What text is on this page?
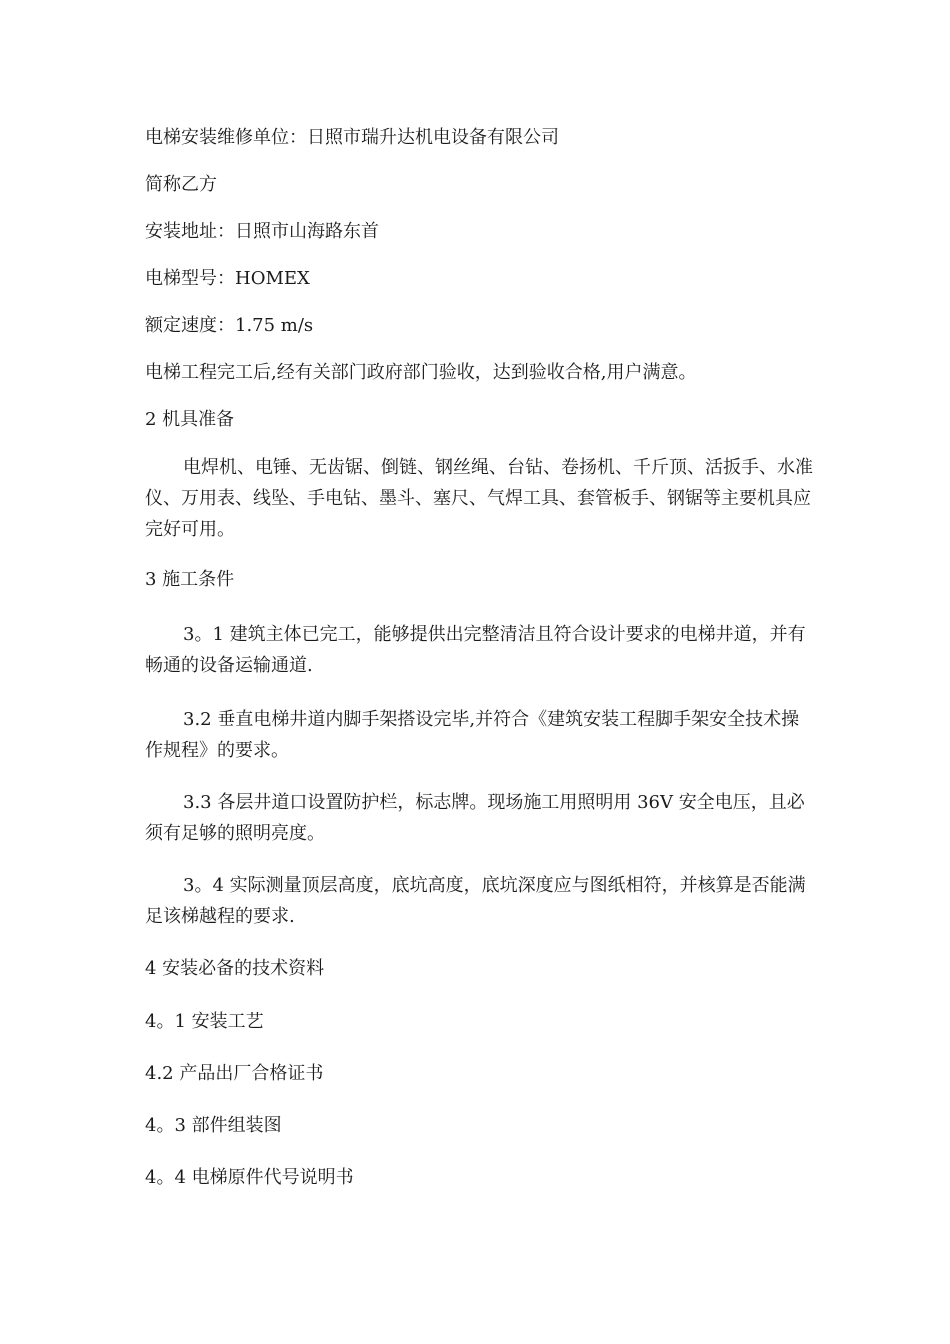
电梯安装维修单位：日照市瑞升达机电设备有限公司
简称乙方
安装地址：日照市山海路东首
电梯型号：HOMEX
额定速度：1.75 m/s
电梯工程完工后,经有关部门政府部门验收，达到验收合格,用户满意。
2 机具准备
电焊机、电锤、无齿锯、倒链、钢丝绳、台钻、卷扬机、千斤顶、活扳手、水准仪、万用表、线坠、手电钻、墨斗、塞尺、气焊工具、套管板手、钢锯等主要机具应完好可用。
3 施工条件
3。1 建筑主体已完工，能够提供出完整清洁且符合设计要求的电梯井道，并有畅通的设备运输通道.
3.2 垂直电梯井道内脚手架搭设完毕,并符合《建筑安装工程脚手架安全技术操作规程》的要求。
3.3 各层井道口设置防护栏，标志牌。现场施工用照明用 36V 安全电压，且必须有足够的照明亮度。
3。4 实际测量顶层高度，底坑高度，底坑深度应与图纸相符，并核算是否能满足该梯越程的要求.
4 安装必备的技术资料
4。1 安装工艺
4.2 产品出厂合格证书
4。3 部件组装图
4。4 电梯原件代号说明书
